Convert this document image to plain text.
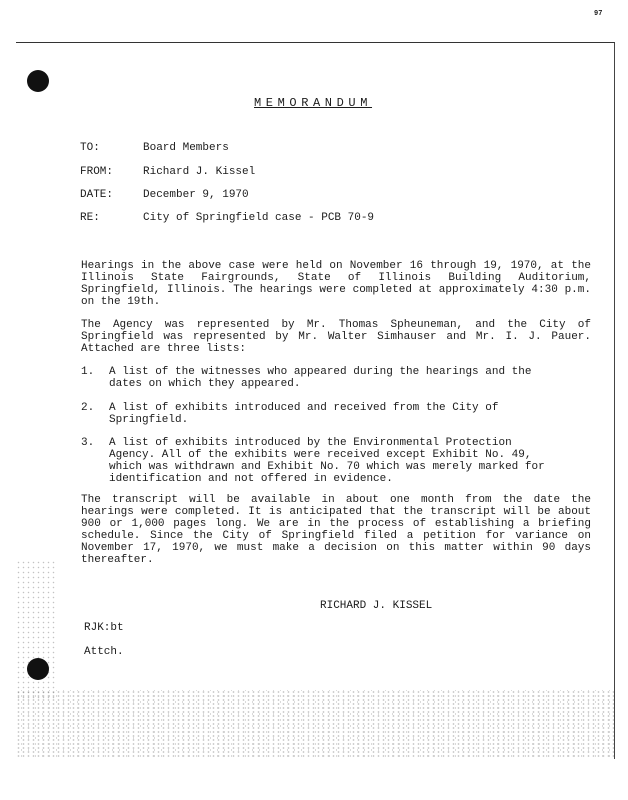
97
MEMORANDUM
TO:	Board Members
FROM:	Richard J. Kissel
DATE:	December 9, 1970
RE:	City of Springfield case - PCB 70-9
Hearings in the above case were held on November 16 through 19, 1970, at the Illinois State Fairgrounds, State of Illinois Building Auditorium, Springfield, Illinois. The hearings were completed at approximately 4:30 p.m. on the 19th.
The Agency was represented by Mr. Thomas Spheuneman, and the City of Springfield was represented by Mr. Walter Simhauser and Mr. I. J. Pauer. Attached are three lists:
1. A list of the witnesses who appeared during the hearings and the dates on which they appeared.
2. A list of exhibits introduced and received from the City of Springfield.
3. A list of exhibits introduced by the Environmental Protection Agency. All of the exhibits were received except Exhibit No. 49, which was withdrawn and Exhibit No. 70 which was merely marked for identification and not offered in evidence.
The transcript will be available in about one month from the date the hearings were completed. It is anticipated that the transcript will be about 900 or 1,000 pages long. We are in the process of establishing a briefing schedule. Since the City of Springfield filed a petition for variance on November 17, 1970, we must make a decision on this matter within 90 days thereafter.
RICHARD J. KISSEL
RJK:bt
Attch.
